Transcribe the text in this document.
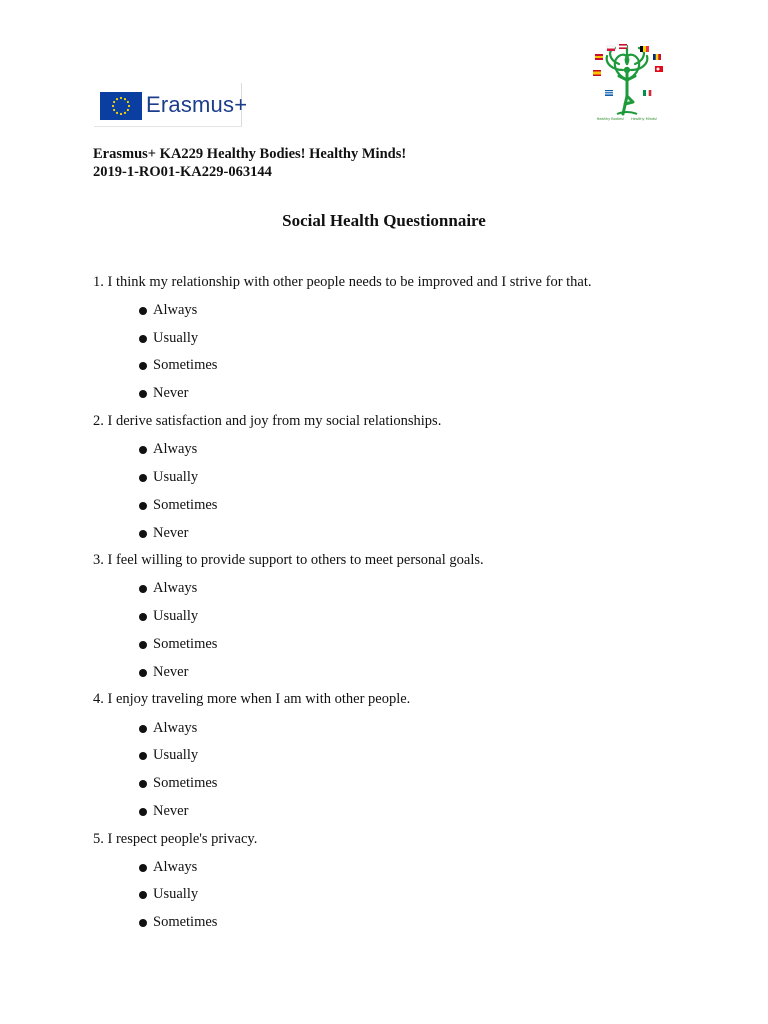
Erasmus+
Healthy Bodies! Healthy Minds!
Erasmus+ KA229 Healthy Bodies! Healthy Minds!
2019-1-RO01-KA229-063144
Social Health Questionnaire
1. I think my relationship with other people needs to be improved and I strive for that.
Always
Usually
Sometimes
Never
2. I derive satisfaction and joy from my social relationships.
Always
Usually
Sometimes
Never
3. I feel willing to provide support to others to meet personal goals.
Always
Usually
Sometimes
Never
4. I enjoy traveling more when I am with other people.
Always
Usually
Sometimes
Never
5. I respect people's privacy.
Always
Usually
Sometimes
